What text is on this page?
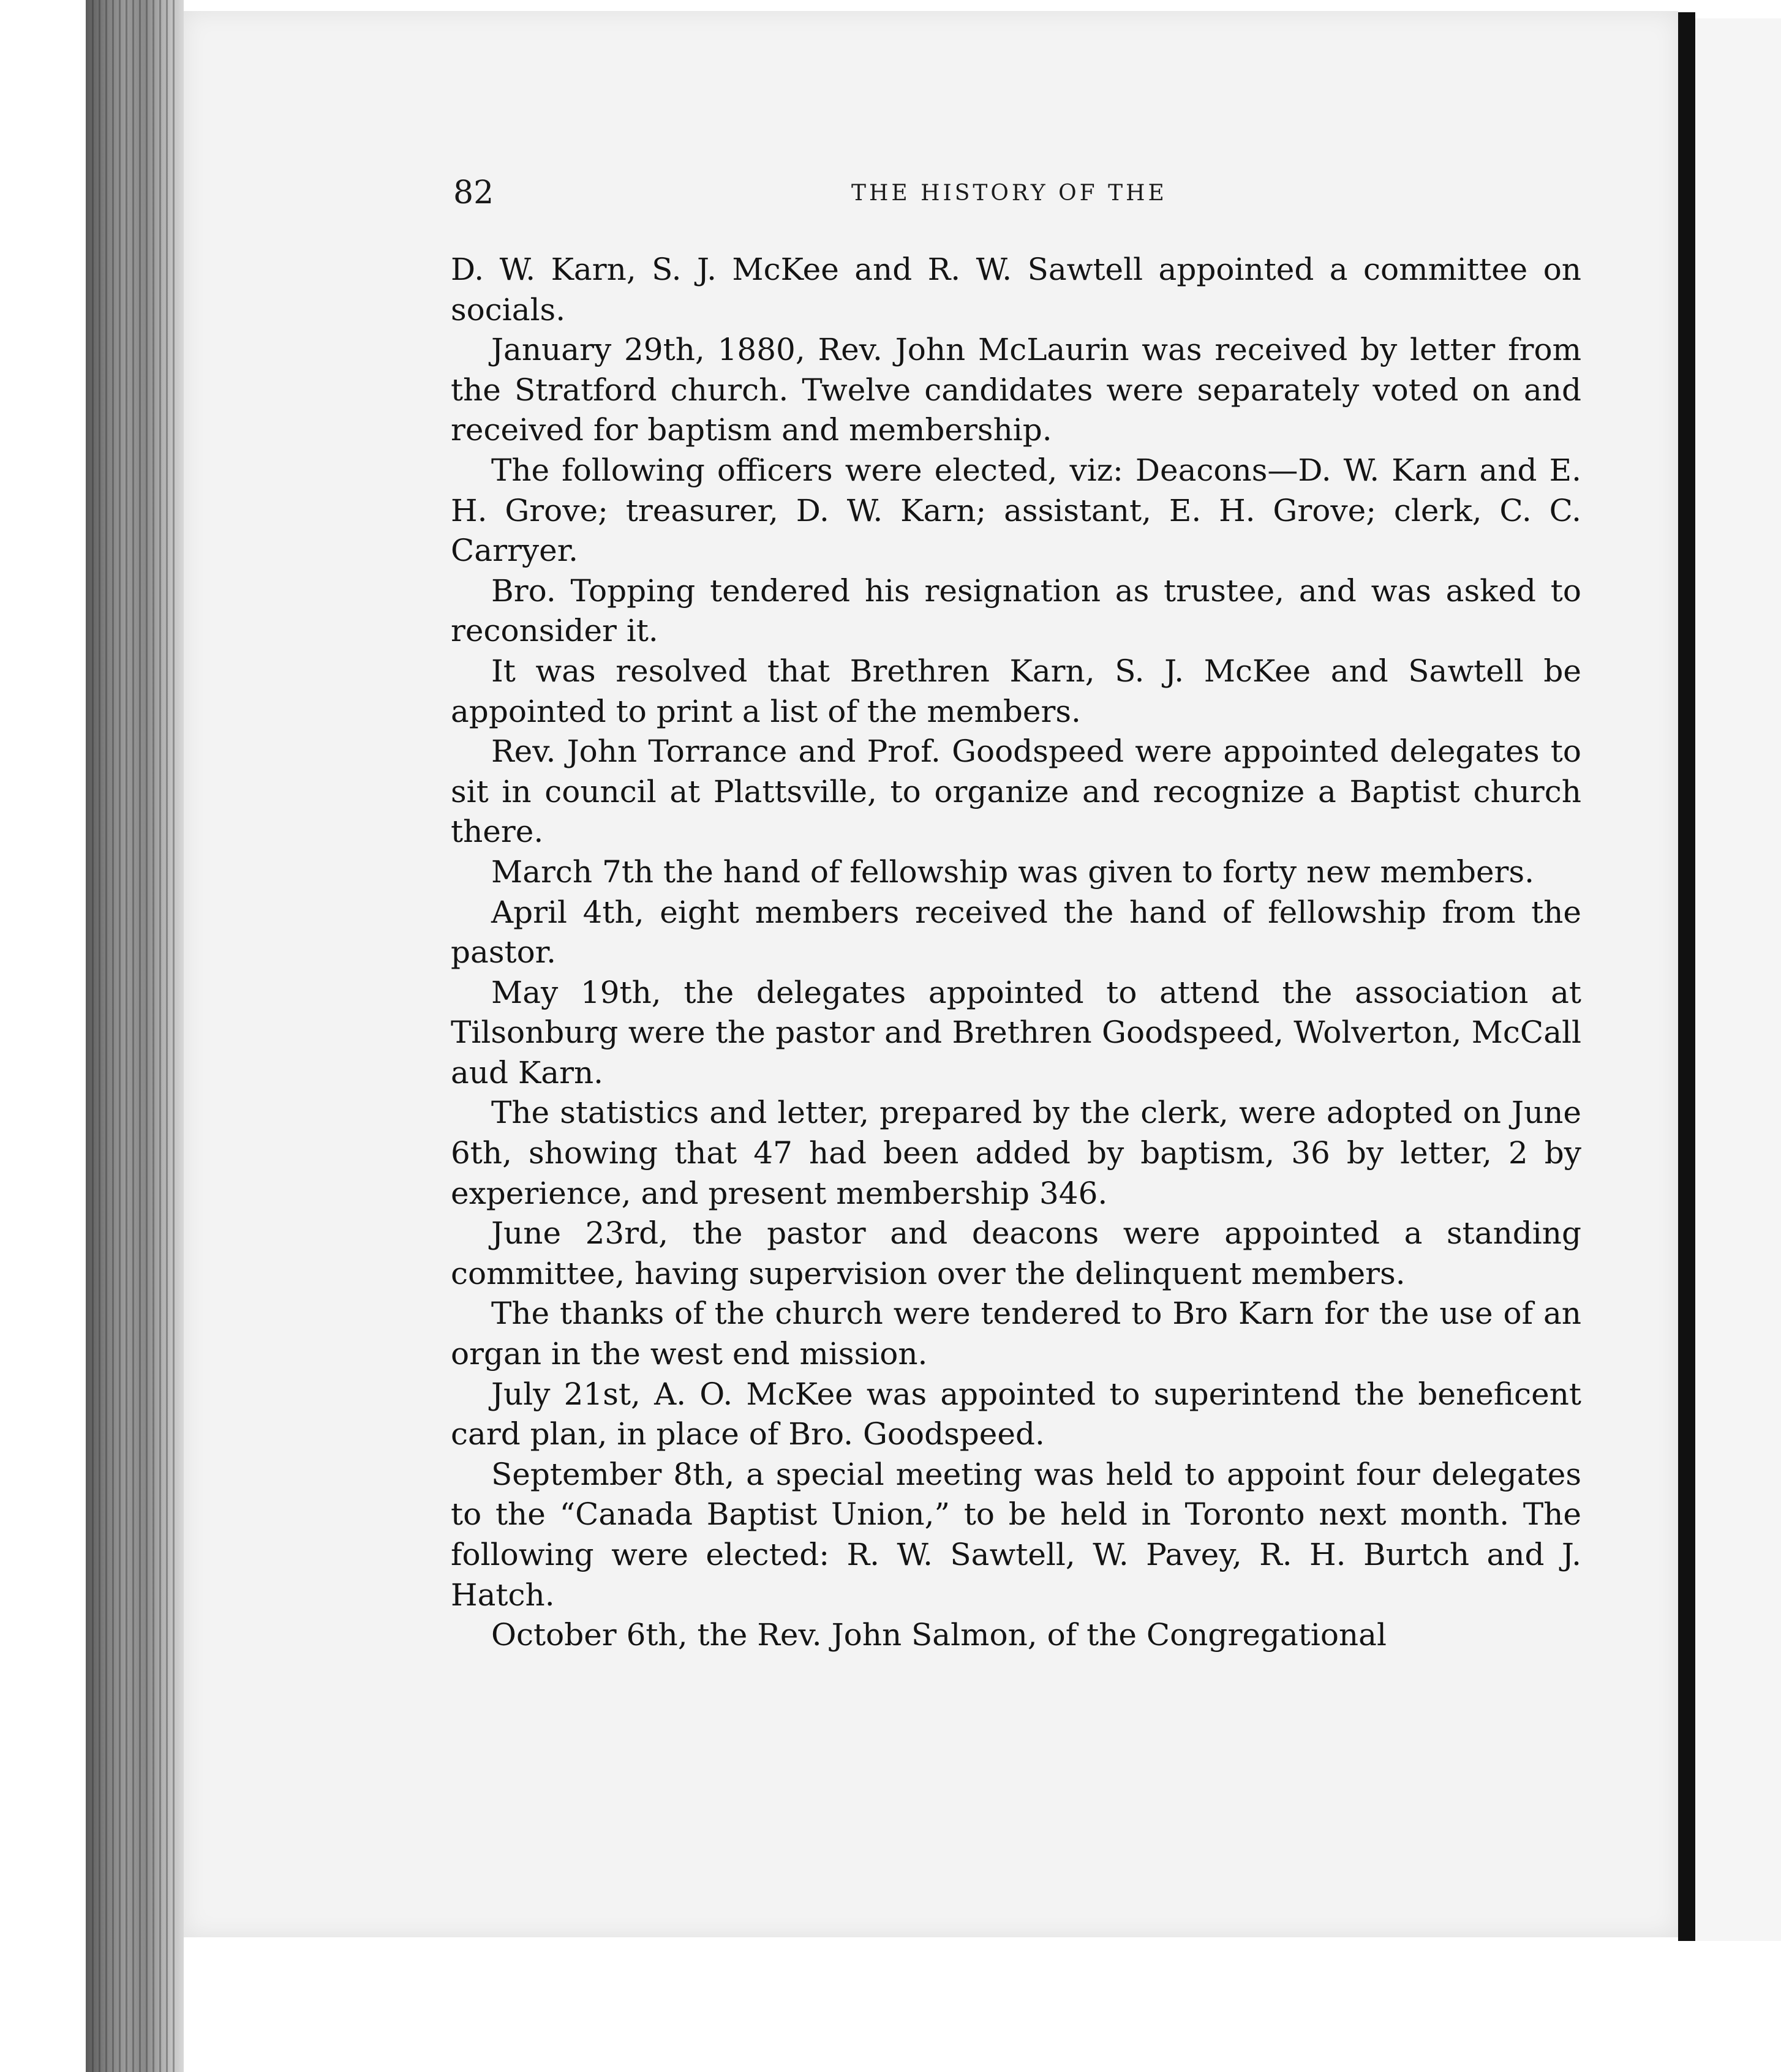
82	THE HISTORY OF THE

D. W. Karn, S. J. McKee and R. W. Sawtell appointed a committee on socials.

January 29th, 1880, Rev. John McLaurin was received by letter from the Stratford church. Twelve candidates were separately voted on and received for baptism and membership.

The following officers were elected, viz: Deacons—D. W. Karn and E. H. Grove; treasurer, D. W. Karn; assistant, E. H. Grove; clerk, C. C. Carryer.

Bro. Topping tendered his resignation as trustee, and was asked to reconsider it.

It was resolved that Brethren Karn, S. J. McKee and Sawtell be appointed to print a list of the members.

Rev. John Torrance and Prof. Goodspeed were appointed delegates to sit in council at Plattsville, to organize and recognize a Baptist church there.

March 7th the hand of fellowship was given to forty new members.

April 4th, eight members received the hand of fellowship from the pastor.

May 19th, the delegates appointed to attend the association at Tilsonburg were the pastor and Brethren Goodspeed, Wolverton, McCall aud Karn.

The statistics and letter, prepared by the clerk, were adopted on June 6th, showing that 47 had been added by baptism, 36 by letter, 2 by experience, and present membership 346.

June 23rd, the pastor and deacons were appointed a standing committee, having supervision over the delinquent members.

The thanks of the church were tendered to Bro Karn for the use of an organ in the west end mission.

July 21st, A. O. McKee was appointed to superintend the beneficent card plan, in place of Bro. Goodspeed.

September 8th, a special meeting was held to appoint four delegates to the “Canada Baptist Union,” to be held in Toronto next month. The following were elected: R. W. Sawtell, W. Pavey, R. H. Burtch and J. Hatch.

October 6th, the Rev. John Salmon, of the Congregational
